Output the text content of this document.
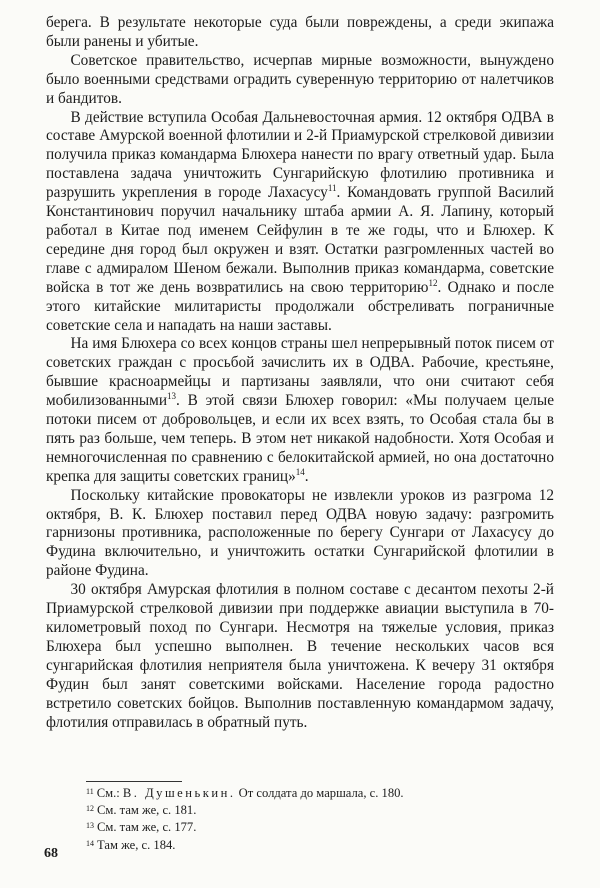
берега. В результате некоторые суда были повреждены, а среди экипажа были ранены и убитые.

Советское правительство, исчерпав мирные возможности, вынуждено было военными средствами оградить суверенную территорию от налетчиков и бандитов.

В действие вступила Особая Дальневосточная армия. 12 октября ОДВА в составе Амурской военной флотилии и 2-й Приамурской стрелковой дивизии получила приказ командарма Блюхера нанести по врагу ответный удар. Была поставлена задача уничтожить Сунгарийскую флотилию противника и разрушить укрепления в городе Лахасусу$^{11}$. Командовать группой Василий Константинович поручил начальнику штаба армии А. Я. Лапину, который работал в Китае под именем Сейфулин в те же годы, что и Блюхер. К середине дня город был окружен и взят. Остатки разгромленных частей во главе с адмиралом Шеном бежали. Выполнив приказ командарма, советские войска в тот же день возвратились на свою территорию$^{12}$. Однако и после этого китайские милитаристы продолжали обстреливать пограничные советские села и нападать на наши заставы.

На имя Блюхера со всех концов страны шел непрерывный поток писем от советских граждан с просьбой зачислить их в ОДВА. Рабочие, крестьяне, бывшие красноармейцы и партизаны заявляли, что они считают себя мобилизованными$^{13}$. В этой связи Блюхер говорил: «Мы получаем целые потоки писем от добровольцев, и если их всех взять, то Особая стала бы в пять раз больше, чем теперь. В этом нет никакой надобности. Хотя Особая и немногочисленная по сравнению с белокитайской армией, но она достаточно крепка для защиты советских границ»$^{14}$.

Поскольку китайские провокаторы не извлекли уроков из разгрома 12 октября, В. К. Блюхер поставил перед ОДВА новую задачу: разгромить гарнизоны противника, расположенные по берегу Сунгари от Лахасусу до Фудина включительно, и уничтожить остатки Сунгарийской флотилии в районе Фудина.

30 октября Амурская флотилия в полном составе с десантом пехоты 2-й Приамурской стрелковой дивизии при поддержке авиации выступила в 70-километровый поход по Сунгари. Несмотря на тяжелые условия, приказ Блюхера был успешно выполнен. В течение нескольких часов вся сунгарийская флотилия неприятеля была уничтожена. К вечеру 31 октября Фудин был занят советскими войсками. Население города радостно встретило советских бойцов. Выполнив поставленную командармом задачу, флотилия отправилась в обратный путь.

$^{11}$ См.: В. Душенькин. От солдата до маршала, с. 180.

$^{12}$ См. там же, с. 181.

$^{13}$ См. там же, с. 177.

$^{14}$ Там же, с. 184.

68
